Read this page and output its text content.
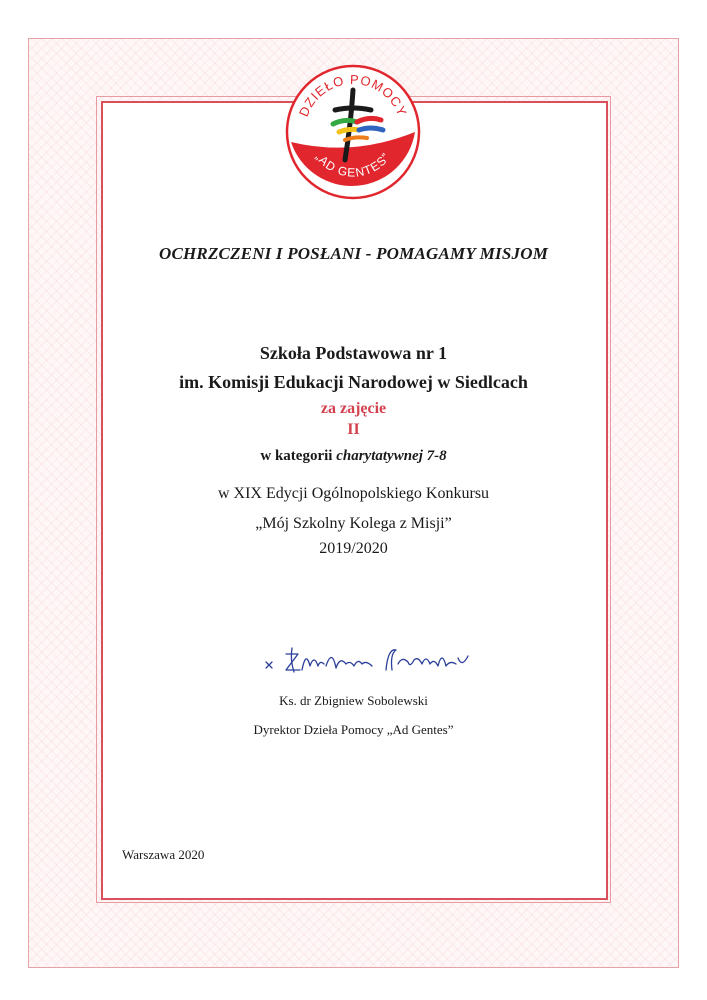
DZIEŁO POMOCY
„AD GENTES”
OCHRZCZENI I POSŁANI - POMAGAMY MISJOM
Szkoła Podstawowa nr 1
im. Komisji Edukacji Narodowej w Siedlcach
za zajęcie
II
w kategorii charytatywnej 7-8
w XIX Edycji Ogólnopolskiego Konkursu
„Mój Szkolny Kolega z Misji”
2019/2020
Ks. dr Zbigniew Sobolewski
Dyrektor Dzieła Pomocy „Ad Gentes”
Warszawa 2020
